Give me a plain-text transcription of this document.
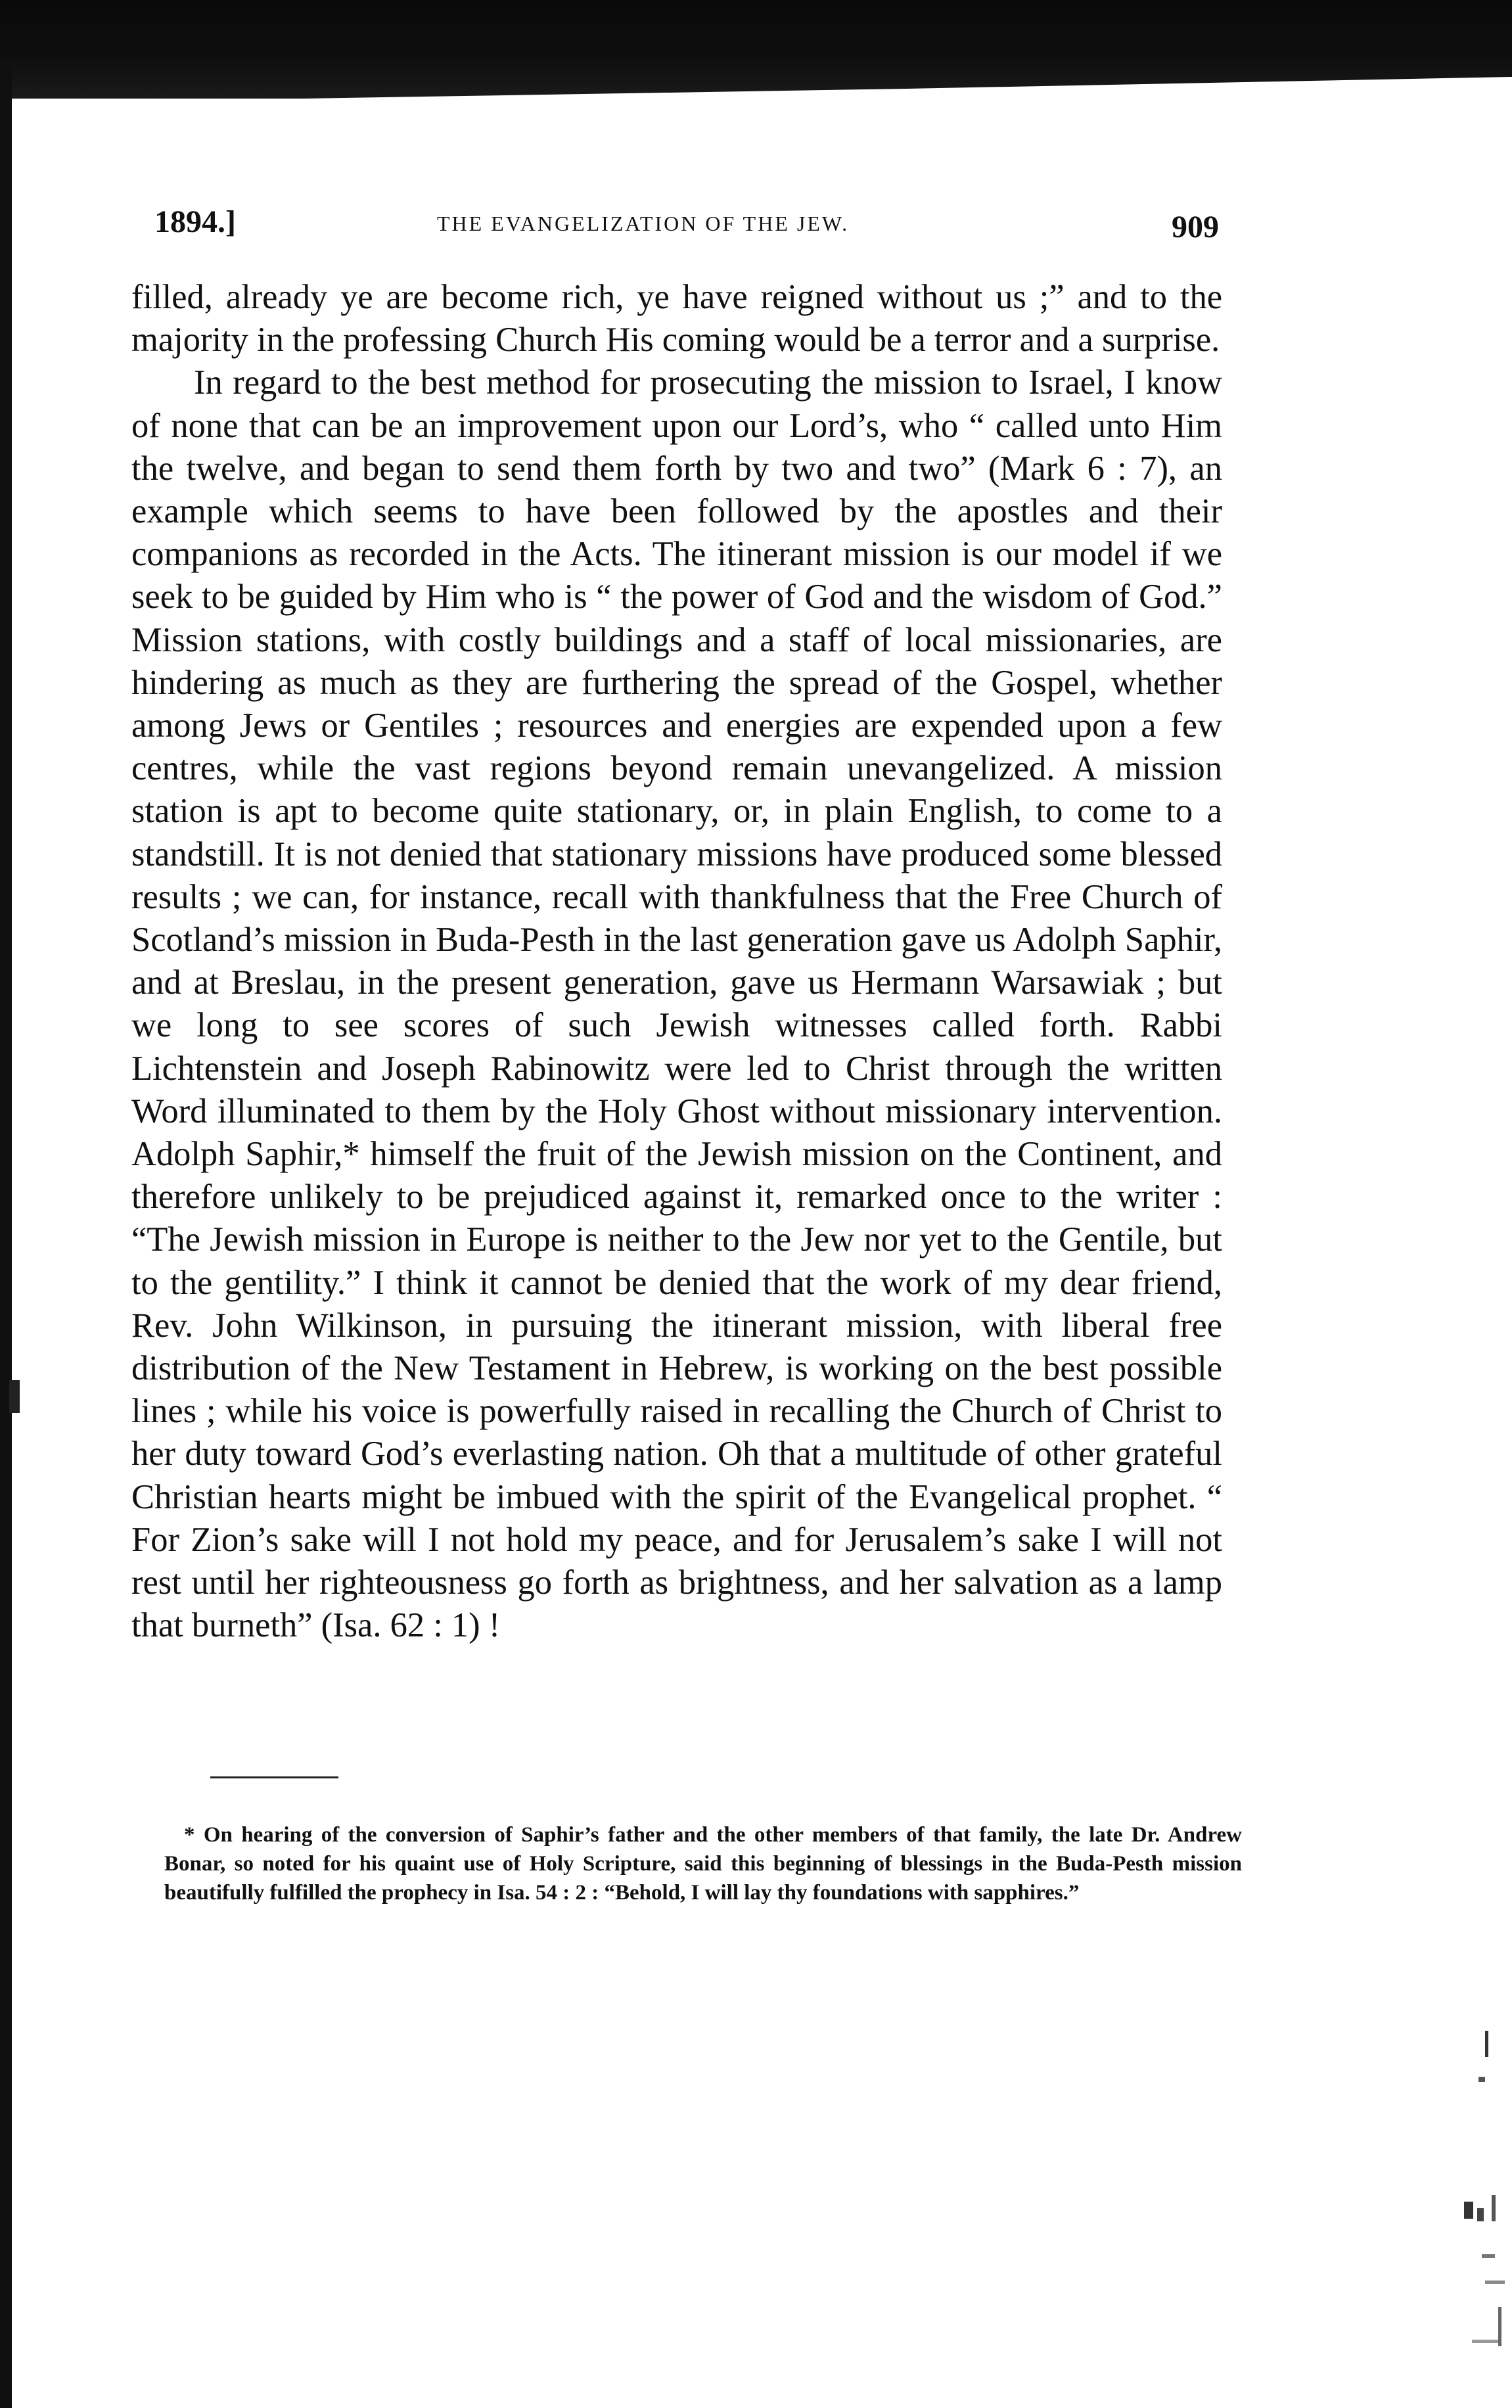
1894.]	THE EVANGELIZATION OF THE JEW.	909

filled, already ye are become rich, ye have reigned without us ;” and to the majority in the professing Church His coming would be a terror and a surprise.

In regard to the best method for prosecuting the mission to Israel, I know of none that can be an improvement upon our Lord’s, who “ called unto Him the twelve, and began to send them forth by two and two” (Mark 6 : 7), an example which seems to have been followed by the apostles and their companions as recorded in the Acts. The itinerant mission is our model if we seek to be guided by Him who is “ the power of God and the wisdom of God.” Mission stations, with costly buildings and a staff of local missionaries, are hindering as much as they are furthering the spread of the Gospel, whether among Jews or Gentiles ; resources and energies are expended upon a few centres, while the vast regions beyond remain unevangelized. A mission station is apt to become quite stationary, or, in plain English, to come to a standstill. It is not denied that stationary missions have produced some blessed results ; we can, for instance, recall with thankfulness that the Free Church of Scotland’s mission in Buda-Pesth in the last generation gave us Adolph Saphir, and at Breslau, in the present generation, gave us Hermann Warsawiak ; but we long to see scores of such Jewish witnesses called forth. Rabbi Lichtenstein and Joseph Rabinowitz were led to Christ through the written Word illuminated to them by the Holy Ghost without missionary intervention. Adolph Saphir,* himself the fruit of the Jewish mission on the Continent, and therefore unlikely to be prejudiced against it, remarked once to the writer : “The Jewish mission in Europe is neither to the Jew nor yet to the Gentile, but to the gentility.” I think it cannot be denied that the work of my dear friend, Rev. John Wilkinson, in pursuing the itinerant mission, with liberal free distribution of the New Testament in Hebrew, is working on the best possible lines ; while his voice is powerfully raised in recalling the Church of Christ to her duty toward God’s everlasting nation. Oh that a multitude of other grateful Christian hearts might be imbued with the spirit of the Evangelical prophet. “ For Zion’s sake will I not hold my peace, and for Jerusalem’s sake I will not rest until her righteousness go forth as brightness, and her salvation as a lamp that burneth” (Isa. 62 : 1) !

* On hearing of the conversion of Saphir’s father and the other members of that family, the late Dr. Andrew Bonar, so noted for his quaint use of Holy Scripture, said this beginning of blessings in the Buda-Pesth mission beautifully fulfilled the prophecy in Isa. 54 : 2 : “Behold, I will lay thy foundations with sapphires.”
